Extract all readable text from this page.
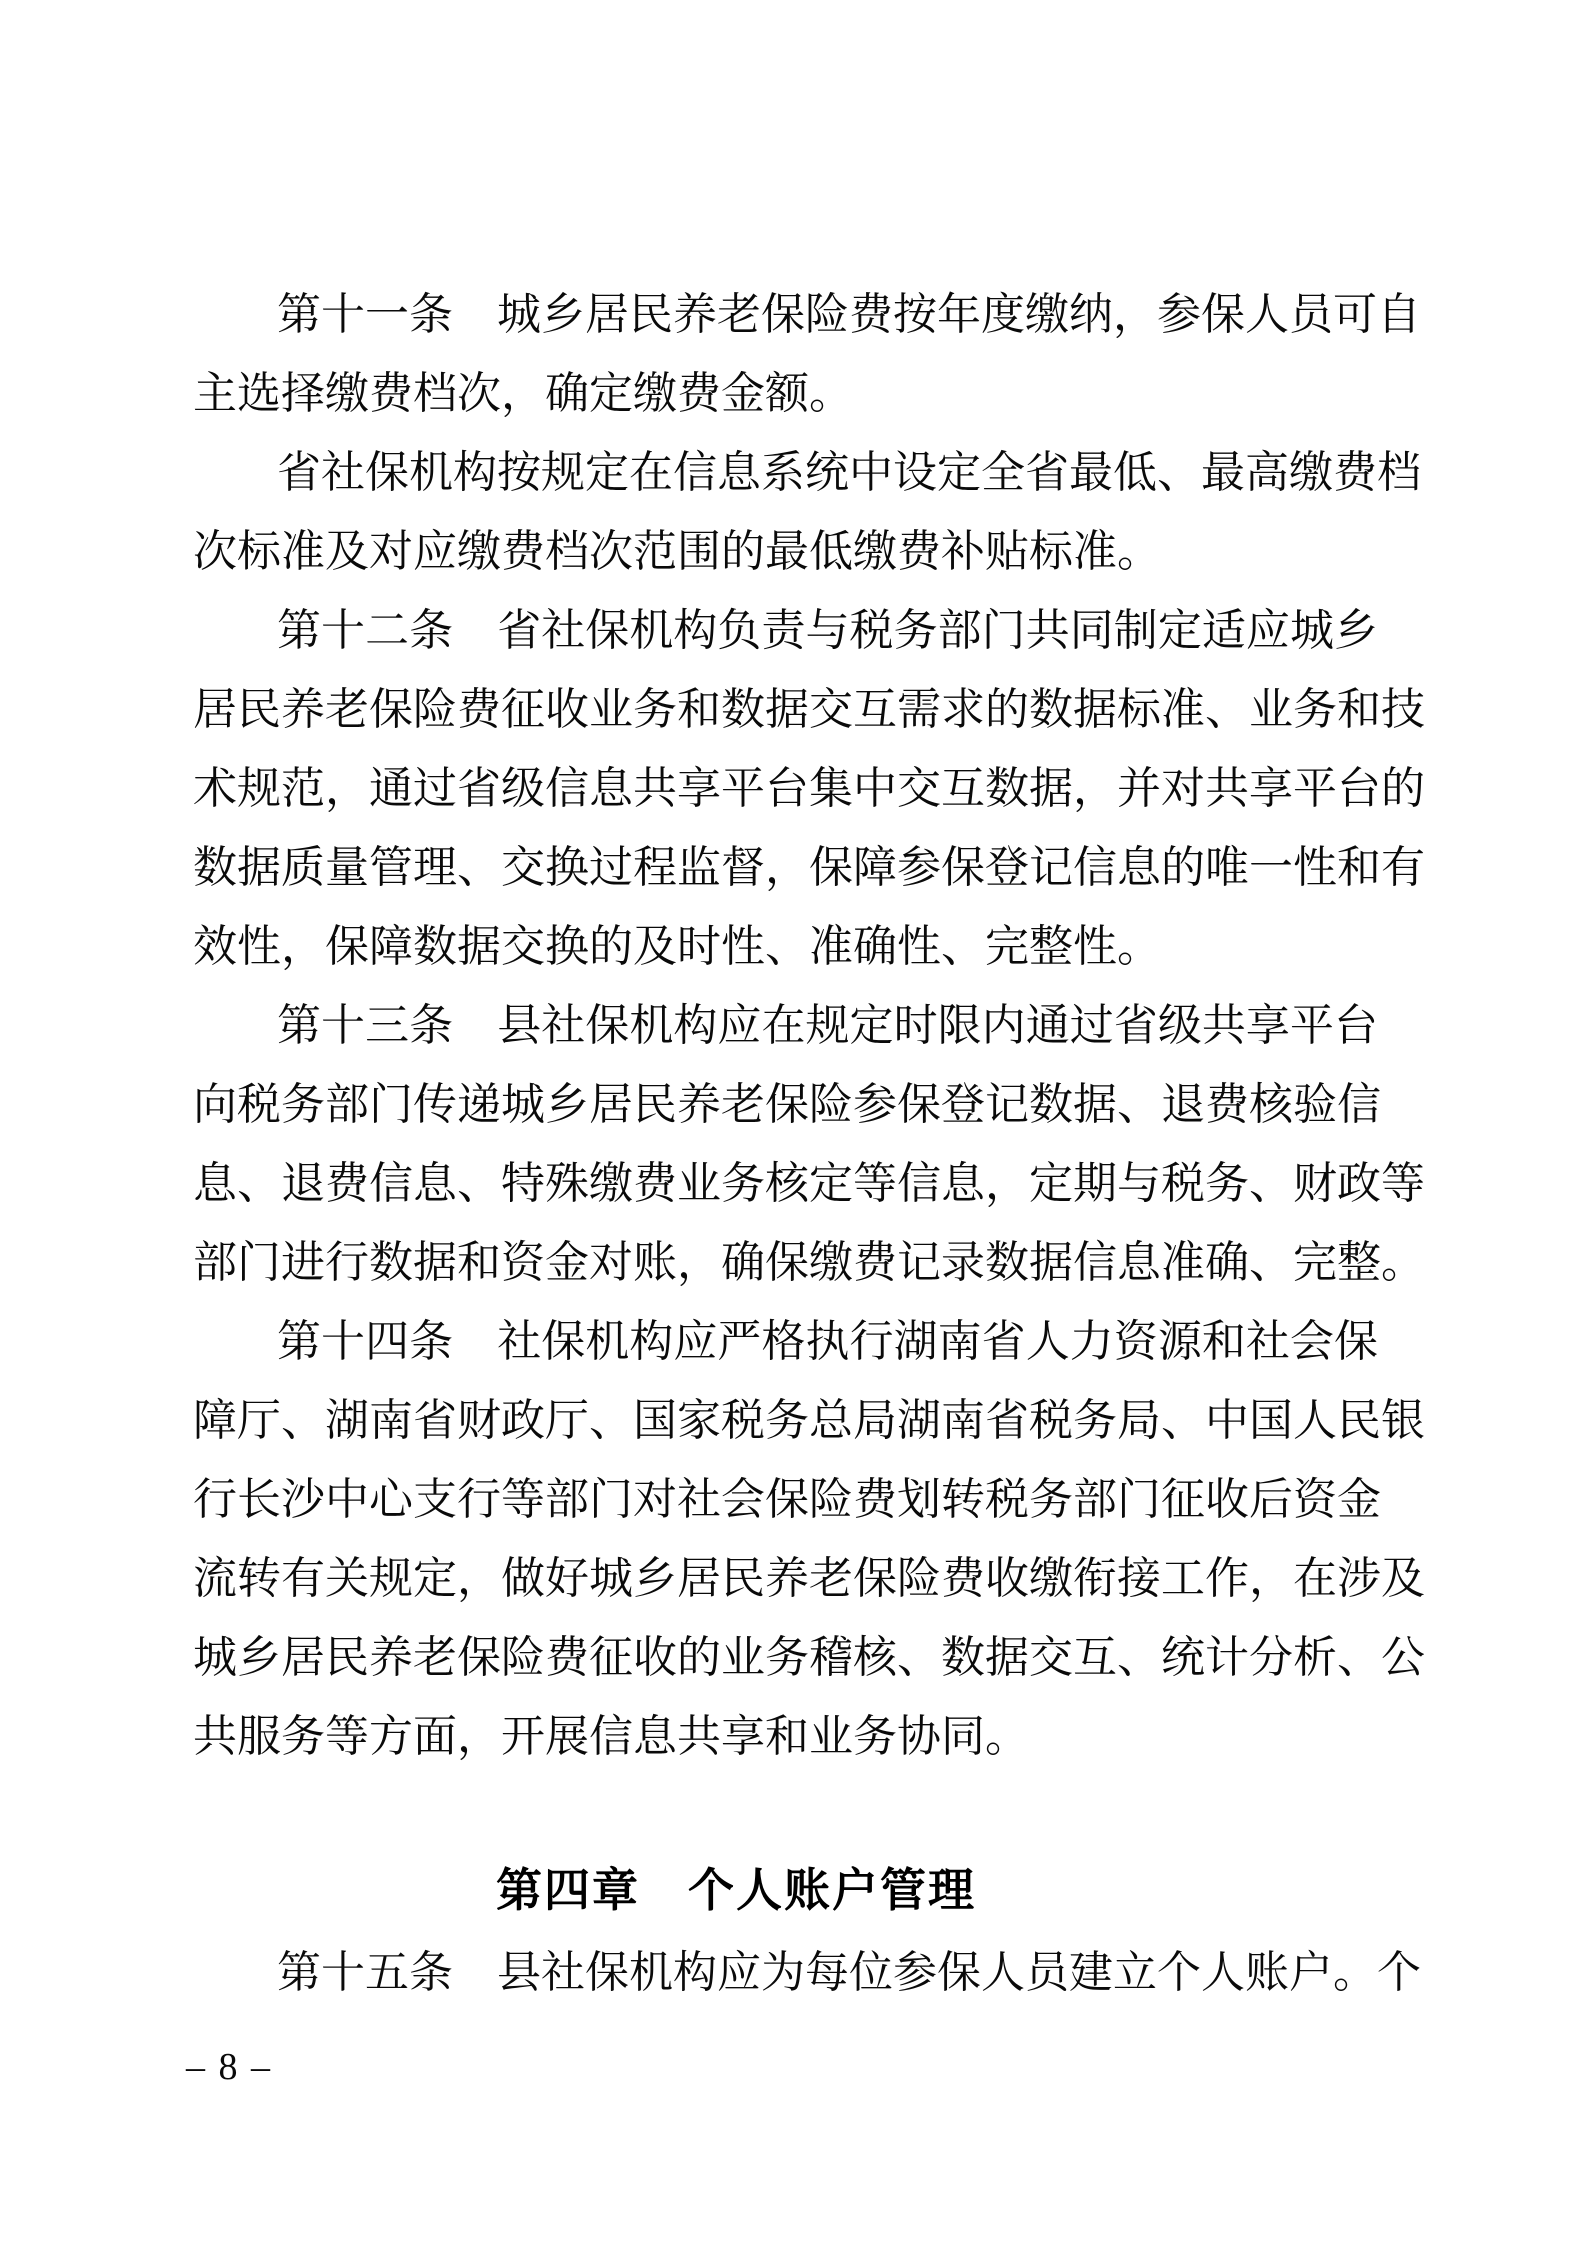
第十一条　城乡居民养老保险费按年度缴纳，参保人员可自
主选择缴费档次，确定缴费金额。
省社保机构按规定在信息系统中设定全省最低、最高缴费档
次标准及对应缴费档次范围的最低缴费补贴标准。
第十二条　省社保机构负责与税务部门共同制定适应城乡
居民养老保险费征收业务和数据交互需求的数据标准、业务和技
术规范，通过省级信息共享平台集中交互数据，并对共享平台的
数据质量管理、交换过程监督，保障参保登记信息的唯一性和有
效性，保障数据交换的及时性、准确性、完整性。
第十三条　县社保机构应在规定时限内通过省级共享平台
向税务部门传递城乡居民养老保险参保登记数据、退费核验信
息、退费信息、特殊缴费业务核定等信息，定期与税务、财政等
部门进行数据和资金对账，确保缴费记录数据信息准确、完整。
第十四条　社保机构应严格执行湖南省人力资源和社会保
障厅、湖南省财政厅、国家税务总局湖南省税务局、中国人民银
行长沙中心支行等部门对社会保险费划转税务部门征收后资金
流转有关规定，做好城乡居民养老保险费收缴衔接工作，在涉及
城乡居民养老保险费征收的业务稽核、数据交互、统计分析、公
共服务等方面，开展信息共享和业务协同。
第四章　个人账户管理
第十五条　县社保机构应为每位参保人员建立个人账户。个
– 8 –
